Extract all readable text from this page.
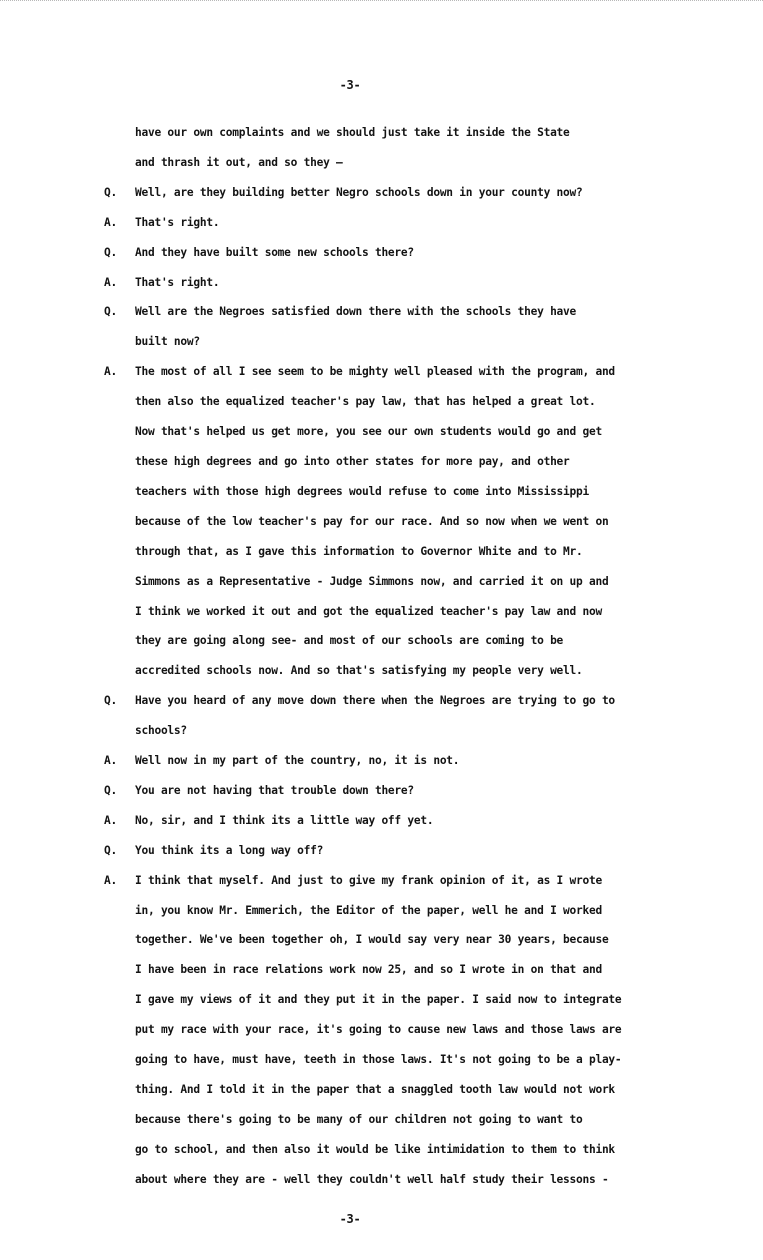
-3-
have our own complaints and we should just take it inside the State
and thrash it out, and so they —
Q. Well, are they building better Negro schools down in your county now?
A. That's right.
Q. And they have built some new schools there?
A. That's right.
Q. Well are the Negroes satisfied down there with the schools they have
built now?
A. The most of all I see seem to be mighty well pleased with the program, and
then also the equalized teacher's pay law, that has helped a great lot.
Now that's helped us get more, you see our own students would go and get
these high degrees and go into other states for more pay, and other
teachers with those high degrees would refuse to come into Mississippi
because of the low teacher's pay for our race. And so now when we went on
through that, as I gave this information to Governor White and to Mr.
Simmons as a Representative - Judge Simmons now, and carried it on up and
I think we worked it out and got the equalized teacher's pay law and now
they are going along see- and most of our schools are coming to be
accredited schools now. And so that's satisfying my people very well.
Q. Have you heard of any move down there when the Negroes are trying to go to
schools?
A. Well now in my part of the country, no, it is not.
Q. You are not having that trouble down there?
A. No, sir, and I think its a little way off yet.
Q. You think its a long way off?
A. I think that myself. And just to give my frank opinion of it, as I wrote
in, you know Mr. Emmerich, the Editor of the paper, well he and I worked
together. We've been together oh, I would say very near 30 years, because
I have been in race relations work now 25, and so I wrote in on that and
I gave my views of it and they put it in the paper. I said now to integrate
put my race with your race, it's going to cause new laws and those laws are
going to have, must have, teeth in those laws. It's not going to be a play-
thing. And I told it in the paper that a snaggled tooth law would not work
because there's going to be many of our children not going to want to
go to school, and then also it would be like intimidation to them to think
about where they are - well they couldn't well half study their lessons -
-3-
